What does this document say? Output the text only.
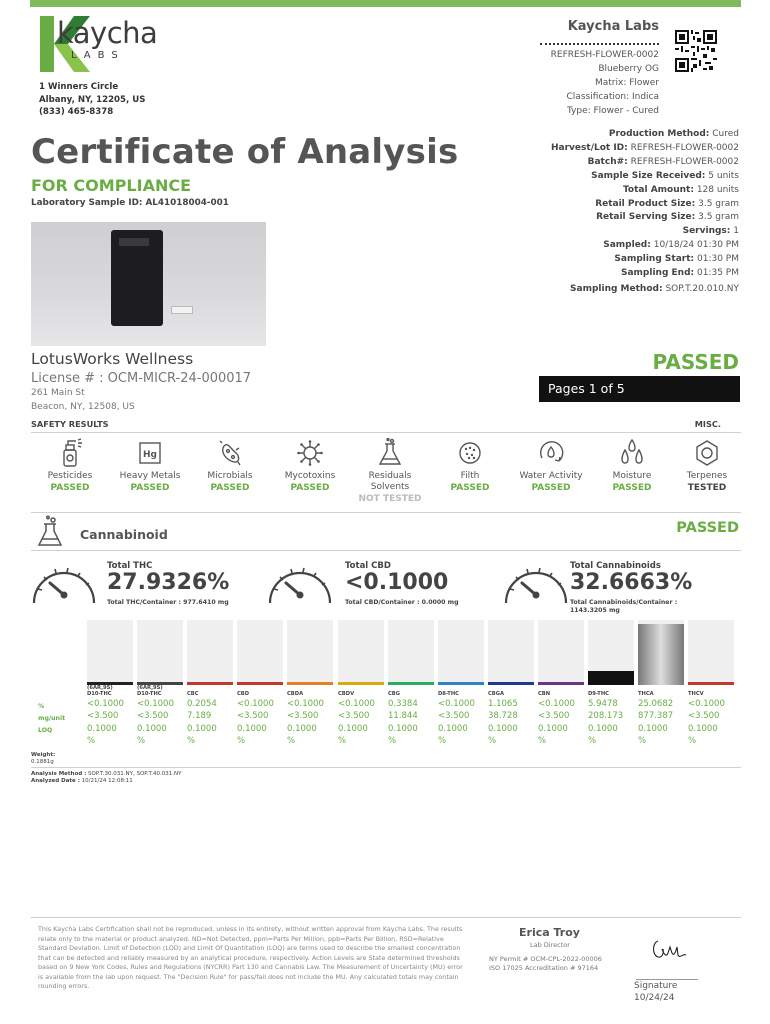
kaycha
LABS
1 Winners Circle
Albany, NY, 12205, US
(833) 465-8378
Kaycha Labs
REFRESH-FLOWER-0002
Blueberry OG
Matrix: Flower
Classification: Indica
Type: Flower - Cured
Certificate of Analysis
FOR COMPLIANCE
Laboratory Sample ID: AL41018004-001
Production Method: Cured
Harvest/Lot ID: REFRESH-FLOWER-0002
Batch#: REFRESH-FLOWER-0002
Sample Size Received: 5 units
Total Amount: 128 units
Retail Product Size: 3.5 gram
Retail Serving Size: 3.5 gram
Servings: 1
Sampled: 10/18/24 01:30 PM
Sampling Start: 01:30 PM
Sampling End: 01:35 PM
Sampling Method: SOP.T.20.010.NY
LotusWorks Wellness
License # : OCM-MICR-24-000017
261 Main St
Beacon, NY, 12508, US
PASSED
Pages 1 of 5
SAFETY RESULTS	MISC.
Pesticides
PASSED
Hg
Heavy Metals
PASSED
Microbials
PASSED
Mycotoxins
PASSED
Residuals Solvents
NOT TESTED
Filth
PASSED
Water Activity
PASSED
Moisture
PASSED
Terpenes
TESTED
Cannabinoid	PASSED
Total THC
27.9326%
Total THC/Container : 977.6410 mg
Total CBD
<0.1000
Total CBD/Container : 0.0000 mg
Total Cannabinoids
32.6663%
Total Cannabinoids/Container : 1143.3205 mg
%
mg/unit
LOQ
(6AR,9S)
D10-THC
<0.1000
<3.500
0.1000
%
(6AR,9S)
D10-THC
<0.1000
<3.500
0.1000
%
CBC
0.2054
7.189
0.1000
%
CBD
<0.1000
<3.500
0.1000
%
CBDA
<0.1000
<3.500
0.1000
%
CBDV
<0.1000
<3.500
0.1000
%
CBG
0.3384
11.844
0.1000
%
D8-THC
<0.1000
<3.500
0.1000
%
CBGA
1.1065
38.728
0.1000
%
CBN
<0.1000
<3.500
0.1000
%
D9-THC
5.9478
208.173
0.1000
%
THCA
25.0682
877.387
0.1000
%
THCV
<0.1000
<3.500
0.1000
%
Weight:
0.1881g
Analysis Method : SOP.T.30.031.NY, SOP.T.40.031.NY
Analyzed Date : 10/21/24 12:08:11
This Kaycha Labs Certification shall not be reproduced, unless in its entirety, without written approval from Kaycha Labs. The results relate only to the material or product analyzed. ND=Not Detected, ppm=Parts Per Million, ppb=Parts Per Billion, RSD=Relative Standard Deviation. Limit of Detection (LOD) and Limit Of Quantitation (LOQ) are terms used to describe the smallest concentration that can be detected and reliably measured by an analytical procedure, respectively. Action Levels are State determined thresholds based on 9 New York Codes, Rules and Regulations (NYCRR) Part 130 and Cannabis Law. The Measurement of Uncertainty (MU) error is available from the lab upon request. The "Decision Rule" for pass/fail does not include the MU. Any calculated totals may contain rounding errors.
Erica Troy
Lab Director
NY Permit # OCM-CPL-2022-00006
ISO 17025 Accreditation # 97164
Signature
10/24/24
